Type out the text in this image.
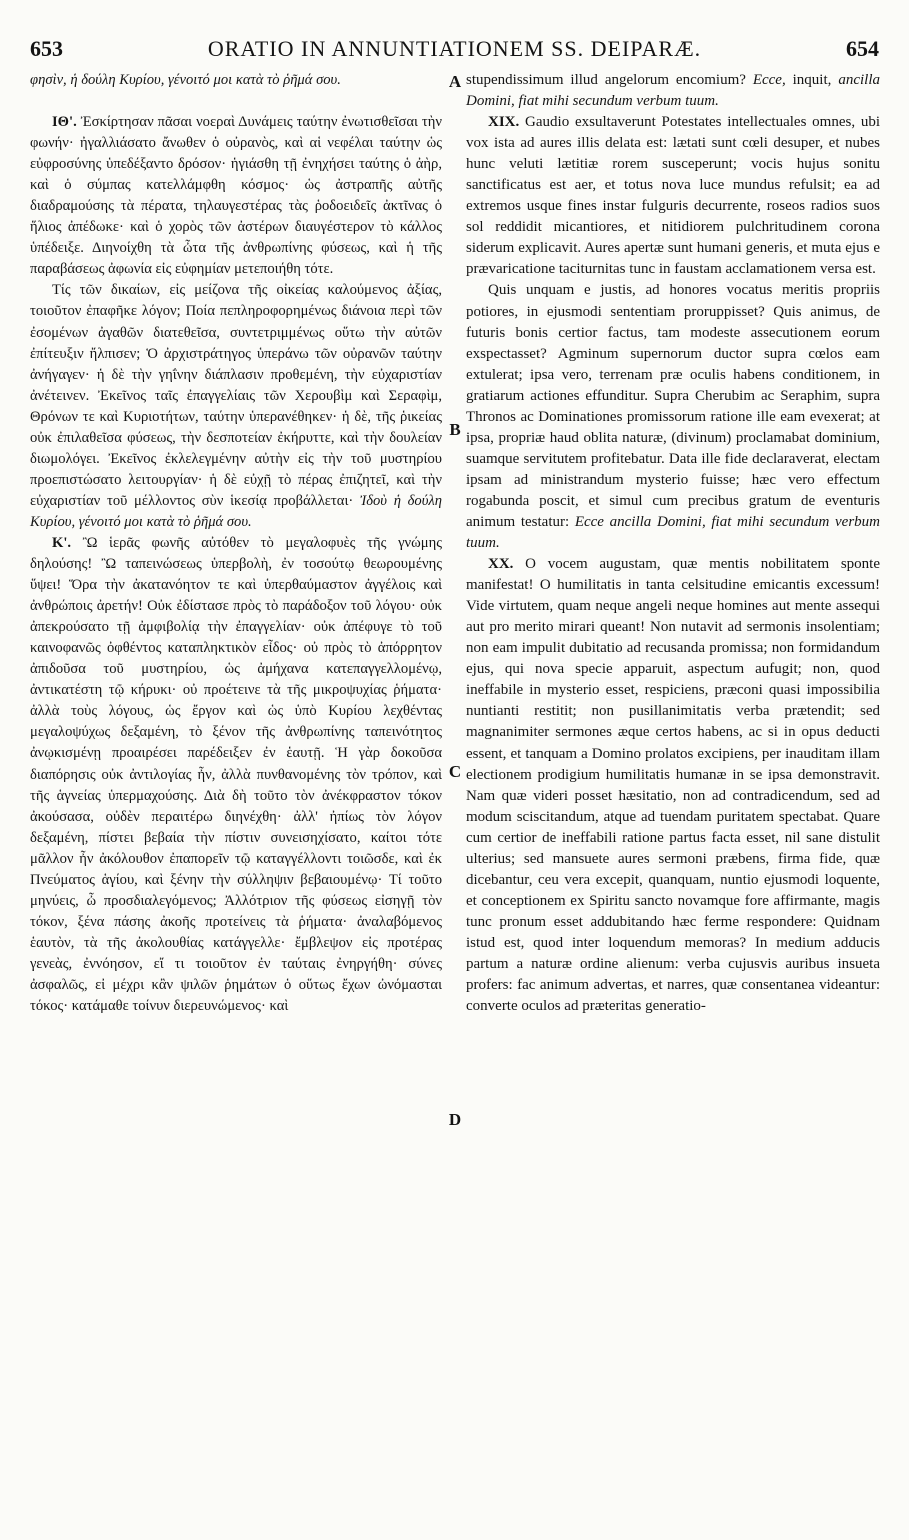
653	ORATIO IN ANNUNTIATIONEM SS. DEIPARÆ.	654
A
B
C
D

φησὶν, ἡ δούλη Κυρίου, γένοιτό μοι κατὰ τὸ ῥῆμά σου.

ΙΘ'. Ἐσκίρτησαν πᾶσαι νοεραὶ Δυνάμεις ταύτην ἐνωτισθεῖσαι τὴν φωνήν· ἠγαλλιάσατο ἄνωθεν ὁ οὐρανὸς, καὶ αἱ νεφέλαι ταύτην ὡς εὐφροσύνης ὑπεδέξαντο δρόσον· ἡγιάσθη τῇ ἐνηχήσει ταύτης ὁ ἀὴρ, καὶ ὁ σύμπας κατελλάμφθη κόσμος· ὡς ἀστραπῆς αὐτῆς διαδραμούσης τὰ πέρατα, τηλαυγεστέρας τὰς ῥοδοειδεῖς ἀκτῖνας ὁ ἥλιος ἀπέδωκε· καὶ ὁ χορὸς τῶν ἀστέρων διαυγέστερον τὸ κάλλος ὑπέδειξε. Διηνοίχθη τὰ ὦτα τῆς ἀνθρωπίνης φύσεως, καὶ ἡ τῆς παραβάσεως ἀφωνία εἰς εὐφημίαν μετεποιήθη τότε.

Τίς τῶν δικαίων, εἰς μείζονα τῆς οἰκείας καλούμενος ἀξίας, τοιοῦτον ἐπαφῆκε λόγον; Ποία πεπληροφορημένως διάνοια περὶ τῶν ἐσομένων ἀγαθῶν διατεθεῖσα, συντετριμμένως οὕτω τὴν αὐτῶν ἐπίτευξιν ἤλπισεν; Ὁ ἀρχιστράτηγος ὑπεράνω τῶν οὐρανῶν ταύτην ἀνήγαγεν· ἡ δὲ τὴν γηΐνην διάπλασιν προθεμένη, τὴν εὐχαριστίαν ἀνέτεινεν. Ἐκεῖνος ταῖς ἐπαγγελίαις τῶν Χερουβὶμ καὶ Σεραφὶμ, Θρόνων τε καὶ Κυριοτήτων, ταύτην ὑπερανέθηκεν· ἡ δὲ, τῆς ῥικείας οὐκ ἐπιλαθεῖσα φύσεως, τὴν δεσποτείαν ἐκήρυττε, καὶ τὴν δουλείαν διωμολόγει. Ἐκεῖνος ἐκλελεγμένην αὐτὴν εἰς τὴν τοῦ μυστηρίου προεπιστώσατο λειτουργίαν· ἡ δὲ εὐχῇ τὸ πέρας ἐπιζητεῖ, καὶ τὴν εὐχαριστίαν τοῦ μέλλοντος σὺν ἱκεσίᾳ προβάλλεται· Ἰδοὺ ἡ δούλη Κυρίου, γένοιτό μοι κατὰ τὸ ῥῆμά σου.

Κ'. Ὢ ἱερᾶς φωνῆς αὐτόθεν τὸ μεγαλοφυὲς τῆς γνώμης δηλούσης! Ὢ ταπεινώσεως ὑπερβολὴ, ἐν τοσούτῳ θεωρουμένης ὕψει! Ὅρα τὴν ἀκατανόητον τε καὶ ὑπερθαύμαστον ἀγγέλοις καὶ ἀνθρώποις ἀρετήν! Οὐκ ἐδίστασε πρὸς τὸ παράδοξον τοῦ λόγου· οὐκ ἀπεκρούσατο τῇ ἀμφιβολίᾳ τὴν ἐπαγγελίαν· οὐκ ἀπέφυγε τὸ τοῦ καινοφανῶς ὀφθέντος καταπληκτικὸν εἶδος· οὐ πρὸς τὸ ἀπόρρητον ἀπιδοῦσα τοῦ μυστηρίου, ὡς ἀμήχανα κατεπαγγελλομένῳ, ἀντικατέστη τῷ κήρυκι· οὐ προέτεινε τὰ τῆς μικροψυχίας ῥήματα· ἀλλὰ τοὺς λόγους, ὡς ἔργον καὶ ὡς ὑπὸ Κυρίου λεχθέντας μεγαλοψύχως δεξαμένη, τὸ ξένον τῆς ἀνθρωπίνης ταπεινότητος ἀνῳκισμένῃ προαιρέσει παρέδειξεν ἐν ἑαυτῇ. Ἡ γὰρ δοκοῦσα διαπόρησις οὐκ ἀντιλογίας ἦν, ἀλλὰ πυνθανομένης τὸν τρόπον, καὶ τῆς ἁγνείας ὑπερμαχούσης. Διὰ δὴ τοῦτο τὸν ἀνέκφραστον τόκον ἀκούσασα, οὐδὲν περαιτέρω διηνέχθη· ἀλλ' ἠπίως τὸν λόγον δεξαμένη, πίστει βεβαία τὴν πίστιν συνεισηχίσατο, καίτοι τότε μᾶλλον ἦν ἀκόλουθον ἐπαπορεῖν τῷ καταγγέλλοντι τοιῶσδε, καὶ ἐκ Πνεύματος ἁγίου, καὶ ξένην τὴν σύλληψιν βεβαιουμένῳ· Τί τοῦτο μηνύεις, ὦ προσδιαλεγόμενος; Ἀλλότριον τῆς φύσεως εἰσηγῇ τὸν τόκον, ξένα πάσης ἀκοῆς προτείνεις τὰ ῥήματα· ἀναλαβόμενος ἑαυτὸν, τὰ τῆς ἀκολουθίας κατάγγελλε· ἔμβλεψον εἰς προτέρας γενεὰς, ἐννόησον, εἴ τι τοιοῦτον ἐν ταύταις ἐνηργήθη· σύνες ἀσφαλῶς, εἰ μέχρι κἂν ψιλῶν ῥημάτων ὁ οὕτως ἔχων ὠνόμασται τόκος· κατάμαθε τοίνυν διερευνώμενος· καὶ

stupendissimum illud angelorum encomium? Ecce, inquit, ancilla Domini, fiat mihi secundum verbum tuum.

XIX. Gaudio exsultaverunt Potestates intellectuales omnes, ubi vox ista ad aures illis delata est: lætati sunt cœli desuper, et nubes hunc veluti lætitiæ rorem susceperunt; vocis hujus sonitu sanctificatus est aer, et totus nova luce mundus refulsit; ea ad extremos usque fines instar fulguris decurrente, roseos radios suos sol reddidit micantiores, et nitidiorem pulchritudinem corona siderum explicavit. Aures apertæ sunt humani generis, et muta ejus e prævaricatione taciturnitas tunc in faustam acclamationem versa est.

Quis unquam e justis, ad honores vocatus meritis propriis potiores, in ejusmodi sententiam proruppisset? Quis animus, de futuris bonis certior factus, tam modeste assecutionem eorum exspectasset? Agminum supernorum ductor supra cœlos eam extulerat; ipsa vero, terrenam præ oculis habens conditionem, in gratiarum actiones effunditur. Supra Cherubim ac Seraphim, supra Thronos ac Dominationes promissorum ratione ille eam evexerat; at ipsa, propriæ haud oblita naturæ, (divinum) proclamabat dominium, suamque servitutem profitebatur. Data ille fide declaraverat, electam ipsam ad ministrandum mysterio fuisse; hæc vero effectum rogabunda poscit, et simul cum precibus gratum de eventuris animum testatur: Ecce ancilla Domini, fiat mihi secundum verbum tuum.

XX. O vocem augustam, quæ mentis nobilitatem sponte manifestat! O humilitatis in tanta celsitudine emicantis excessum! Vide virtutem, quam neque angeli neque homines aut mente assequi aut pro merito mirari queant! Non nutavit ad sermonis insolentiam; non eam impulit dubitatio ad recusanda promissa; non formidandum ejus, qui nova specie apparuit, aspectum aufugit; non, quod ineffabile in mysterio esset, respiciens, præconi quasi impossibilia nuntianti restitit; non pusillanimitatis verba prætendit; sed magnanimiter sermones æque certos habens, ac si in opus deducti essent, et tanquam a Domino prolatos excipiens, per inauditam illam electionem prodigium humilitatis humanæ in se ipsa demonstravit. Nam quæ videri posset hæsitatio, non ad contradicendum, sed ad modum sciscitandum, atque ad tuendam puritatem spectabat. Quare cum certior de ineffabili ratione partus facta esset, nil sane distulit ulterius; sed mansuete aures sermoni præbens, firma fide, quæ dicebantur, ceu vera excepit, quanquam, nuntio ejusmodi loquente, et conceptionem ex Spiritu sancto novamque fore affirmante, magis tunc pronum esset addubitando hæc ferme respondere: Quidnam istud est, quod inter loquendum memoras? In medium adducis partum a naturæ ordine alienum: verba cujusvis auribus insueta profers: fac animum advertas, et narres, quæ consentanea videantur: converte oculos ad præteritas generatio-
